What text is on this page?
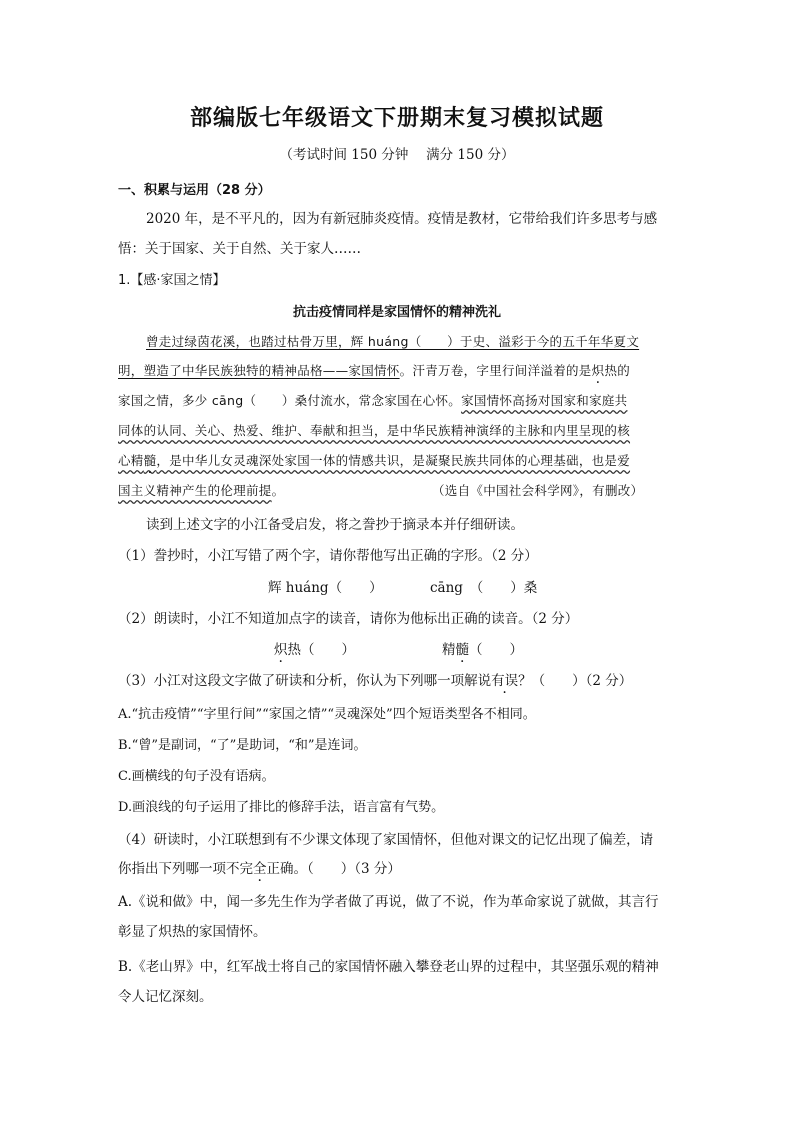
部编版七年级语文下册期末复习模拟试题
（考试时间 150 分钟　 满分 150 分）
一、积累与运用（28 分）
2020 年，是不平凡的，因为有新冠肺炎疫情。疫情是教材，它带给我们许多思考与感
悟：关于国家、关于自然、关于家人……
1.【感·家国之情】
抗击疫情同样是家国情怀的精神洗礼
曾走过绿茵花溪，也踏过枯骨万里，辉 huáng（　　）于史、溢彩于今的五千年华夏文
明，塑造了中华民族独特的精神品格——家国情怀。汗青万卷，字里行间洋溢着的是炽热的
家国之情，多少 cāng（　　）桑付流水，常念家国在心怀。家国情怀高扬对国家和家庭共
同体的认同、关心、热爱、维护、奉献和担当，是中华民族精神演绎的主脉和内里呈现的核
心精髓，是中华儿女灵魂深处家国一体的情感共识，是凝聚民族共同体的心理基础，也是爱
国主义精神产生的伦理前提。	（选自《中国社会科学网》，有删改）
读到上述文字的小江备受启发，将之誊抄于摘录本并仔细研读。
（1）誊抄时，小江写错了两个字，请你帮他写出正确的字形。（2 分）
辉 huáng（　　）	cāng　（　　）桑
（2）朗读时，小江不知道加点字的读音，请你为他标出正确的读音。（2 分）
炽热（　　）	精髓（　　）
（3）小江对这段文字做了研读和分析，你认为下列哪一项解说有误？（　　）（2 分）
A.“抗击疫情”“字里行间”“家国之情”“灵魂深处”四个短语类型各不相同。
B.“曾”是副词，“了”是助词，“和”是连词。
C.画横线的句子没有语病。
D.画浪线的句子运用了排比的修辞手法，语言富有气势。
（4）研读时，小江联想到有不少课文体现了家国情怀，但他对课文的记忆出现了偏差，请
你指出下列哪一项不完全正确 ·。（　　）（3 分）
A.《说和做》中，闻一多先生作为学者做了再说，做了不说，作为革命家说了就做，其言行
彰显了炽热的家国情怀。
B.《老山界》中，红军战士将自己的家国情怀融入攀登老山界的过程中，其坚强乐观的精神
令人记忆深刻。
